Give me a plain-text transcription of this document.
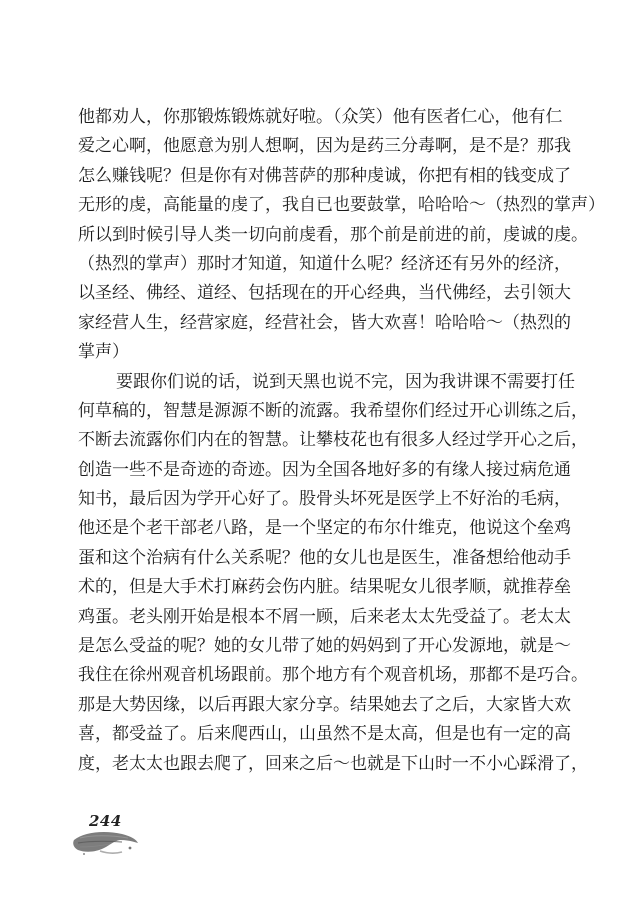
他都劝人，你那锻炼锻炼就好啦。（众笑）他有医者仁心，他有仁
爱之心啊，他愿意为别人想啊，因为是药三分毒啊，是不是？那我
怎么赚钱呢？但是你有对佛菩萨的那种虔诚，你把有相的钱变成了
无形的虔，高能量的虔了，我自已也要鼓掌，哈哈哈～（热烈的掌声）
所以到时候引导人类一切向前虔看，那个前是前进的前，虔诚的虔。
（热烈的掌声）那时才知道，知道什么呢？经济还有另外的经济，
以圣经、佛经、道经、包括现在的开心经典，当代佛经，去引领大
家经营人生，经营家庭，经营社会，皆大欢喜！哈哈哈～（热烈的
掌声）
要跟你们说的话，说到天黑也说不完，因为我讲课不需要打任
何草稿的，智慧是源源不断的流露。我希望你们经过开心训练之后，
不断去流露你们内在的智慧。让攀枝花也有很多人经过学开心之后，
创造一些不是奇迹的奇迹。因为全国各地好多的有缘人接过病危通
知书，最后因为学开心好了。股骨头坏死是医学上不好治的毛病，
他还是个老干部老八路，是一个坚定的布尔什维克，他说这个垒鸡
蛋和这个治病有什么关系呢？他的女儿也是医生，准备想给他动手
术的，但是大手术打麻药会伤内脏。结果呢女儿很孝顺，就推荐垒
鸡蛋。老头刚开始是根本不屑一顾，后来老太太先受益了。老太太
是怎么受益的呢？她的女儿带了她的妈妈到了开心发源地，就是～
我住在徐州观音机场跟前。那个地方有个观音机场，那都不是巧合。
那是大势因缘，以后再跟大家分享。结果她去了之后，大家皆大欢
喜，都受益了。后来爬西山，山虽然不是太高，但是也有一定的高
度，老太太也跟去爬了，回来之后～也就是下山时一不小心踩滑了，
244
